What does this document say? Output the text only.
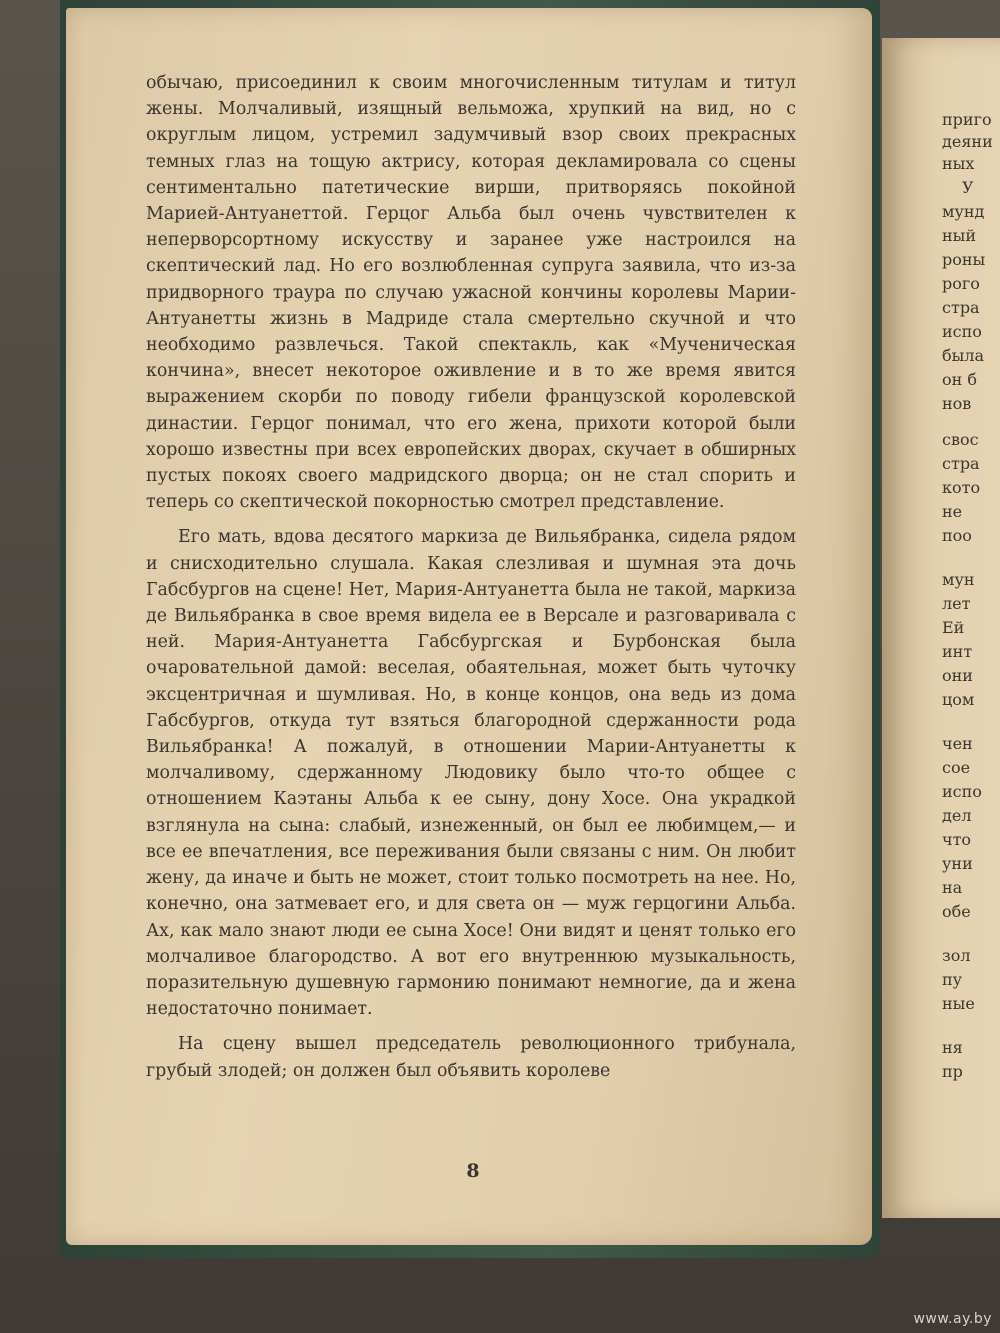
обычаю, присоединил к своим многочисленным титулам и титул жены. Молчаливый, изящный вельможа, хрупкий на вид, но с округлым лицом, устремил задумчивый взор своих прекрасных темных глаз на тощую актрису, которая декламировала со сцены сентиментально патетические вирши, притворяясь покойной Марией-Антуанеттой. Герцог Альба был очень чувствителен к неперворсортному искусству и заранее уже настроился на скептический лад. Но его возлюбленная супруга заявила, что из-за придворного траура по случаю ужасной кончины королевы Марии-Антуанетты жизнь в Мадриде стала смертельно скучной и что необходимо развлечься. Такой спектакль, как «Мученическая кончина», внесет некоторое оживление и в то же время явится выражением скорби по поводу гибели французской королевской династии. Герцог понимал, что его жена, прихоти которой были хорошо известны при всех европейских дворах, скучает в обширных пустых покоях своего мадридского дворца; он не стал спорить и теперь со скептической покорностью смотрел представление.

Его мать, вдова десятого маркиза де Вильябранка, сидела рядом и снисходительно слушала. Какая слезливая и шумная эта дочь Габсбургов на сцене! Нет, Мария-Антуанетта была не такой, маркиза де Вильябранка в свое время видела ее в Версале и разговаривала с ней. Мария-Антуанетта Габсбургская и Бурбонская была очаровательной дамой: веселая, обаятельная, может быть чуточку эксцентричная и шумливая. Но, в конце концов, она ведь из дома Габсбургов, откуда тут взяться благородной сдержанности рода Вильябранка! А пожалуй, в отношении Марии-Антуанетты к молчаливому, сдержанному Людовику было что-то общее с отношением Каэтаны Альба к ее сыну, дону Хосе. Она украдкой взглянула на сына: слабый, изнеженный, он был ее любимцем,— и все ее впечатления, все переживания были связаны с ним. Он любит жену, да иначе и быть не может, стоит только посмотреть на нее. Но, конечно, она затмевает его, и для света он — муж герцогини Альба. Ах, как мало знают люди ее сына Хосе! Они видят и ценят только его молчаливое благородство. А вот его внутреннюю музыкальность, поразительную душевную гармонию понимают немногие, да и жена недостаточно понимает.

На сцену вышел председатель революционного трибунала, грубый злодей; он должен был объявить королеве

8
приго
деяни
ных
У
мунд
ный
роны
рого
стра
испо
была
он б
нов
свос
стра
кото
не
поо
мун
лет
Ей
инт
они
цом
чен
сое
испо
дел
что
уни
на
обе
зол
пу
ные
ня
пр
www.ay.by
